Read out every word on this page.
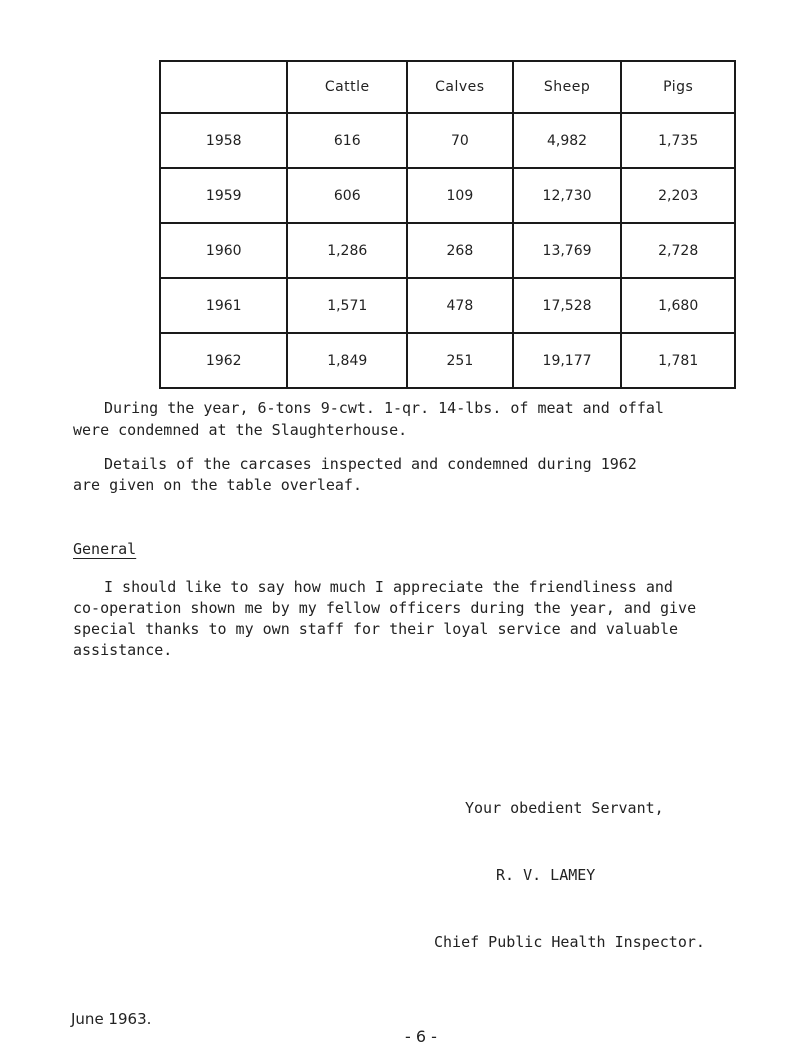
	Cattle	Calves	Sheep	Pigs
1958	616	70	4,982	1,735
1959	606	109	12,730	2,203
1960	1,286	268	13,769	2,728
1961	1,571	478	17,528	1,680
1962	1,849	251	19,177	1,781
During the year, 6-tons 9-cwt. 1-qr. 14-lbs. of meat and offal
were condemned at the Slaughterhouse.
Details of the carcases inspected and condemned during 1962
are given on the table overleaf.
General
I should like to say how much I appreciate the friendliness and
co-operation shown me by my fellow officers during the year, and give
special thanks to my own staff for their loyal service and valuable
assistance.
Your obedient Servant,
R. V. LAMEY
Chief Public Health Inspector.
June 1963.
- 6 -
